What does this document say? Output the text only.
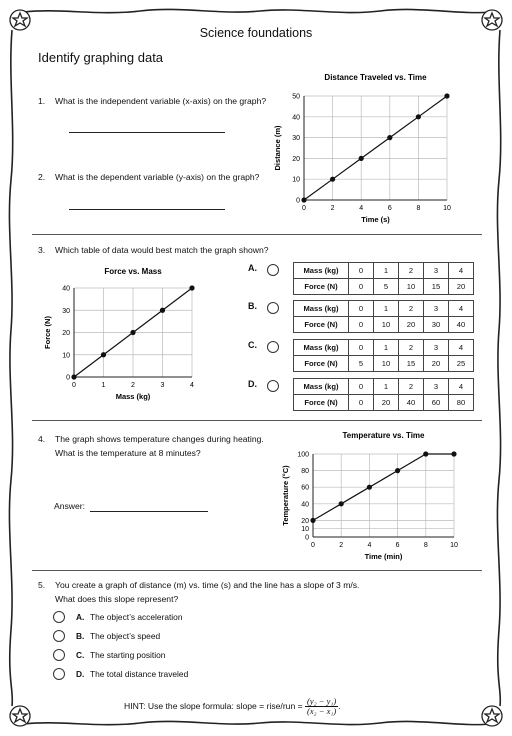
Science foundations
Identify graphing data
1. What is the independent variable (x-axis) on the graph?
2. What is the dependent variable (y-axis) on the graph?
Distance Traveled vs. Time
0	2	4	6	8	10
0
10
20
30
40
50
Time (s)
Distance (m)
3. Which table of data would best match the graph shown?
Force vs. Mass
0	1	2	3	4
0
10
20
30
40
Mass (kg)
Force (N)
A.	Mass (kg)	0	1	2	3	4
Force (N)	0	5	10	15	20
B.	Mass (kg)	0	1	2	3	4
Force (N)	0	10	20	30	40
C.	Mass (kg)	0	1	2	3	4
Force (N)	5	10	15	20	25
D.	Mass (kg)	0	1	2	3	4
Force (N)	0	20	40	60	80
4. The graph shows temperature changes during heating.
What is the temperature at 8 minutes?
Answer:
Temperature vs. Time
0	2	4	6	8	10
0
10
20
40
60
80
100
Time (min)
Temperature (°C)
5. You create a graph of distance (m) vs. time (s) and the line has a slope of 3 m/s.
What does this slope represent?
A. The object’s acceleration
B. The object’s speed
C. The starting position
D. The total distance traveled
HINT: Use the slope formula: slope = rise/run = $\frac{\text{(y₂ − y₁)}}{\text{(x₂ − x₁)}}$ .
